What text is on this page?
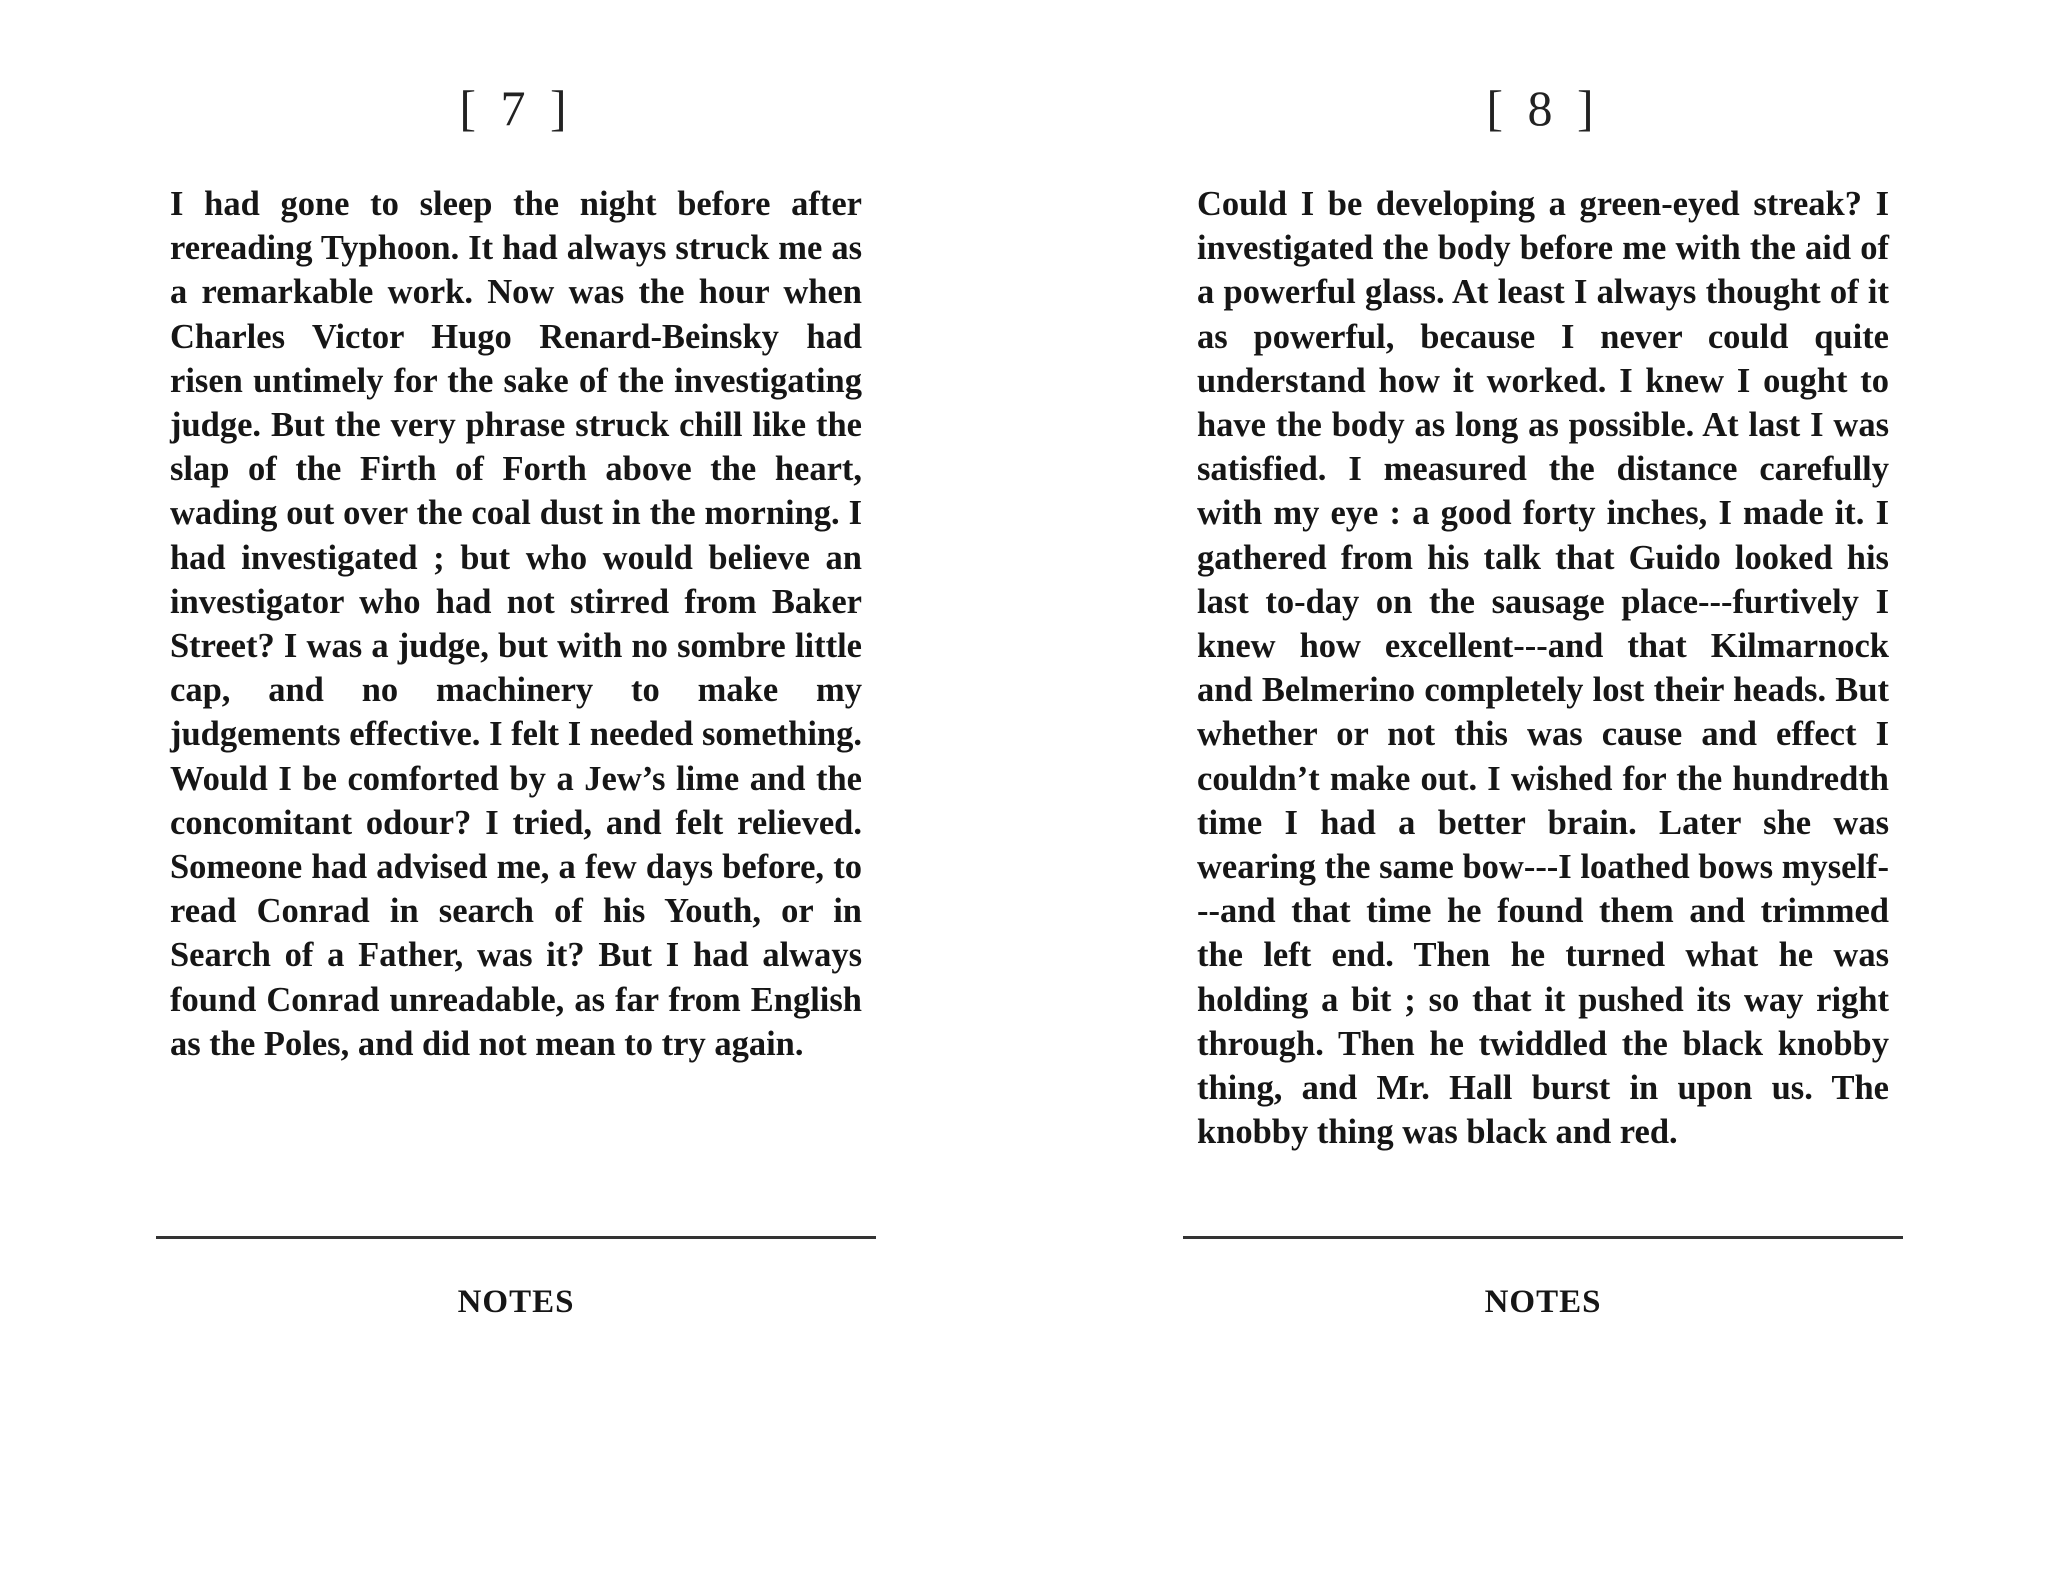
[ 7 ]

I had gone to sleep the night before after rereading Typhoon. It had always struck me as a remarkable work. Now was the hour when Charles Victor Hugo Renard-Beinsky had risen untimely for the sake of the investigating judge. But the very phrase struck chill like the slap of the Firth of Forth above the heart, wading out over the coal dust in the morning. I had investigated ; but who would believe an investigator who had not stirred from Baker Street? I was a judge, but with no sombre little cap, and no machinery to make my judgements effective. I felt I needed something. Would I be comforted by a Jew’s lime and the concomitant odour? I tried, and felt relieved. Someone had advised me, a few days before, to read Conrad in search of his Youth, or in Search of a Father, was it? But I had always found Conrad unreadable, as far from English as the Poles, and did not mean to try again.

NOTES
[ 8 ]

Could I be developing a green-eyed streak? I investigated the body before me with the aid of a powerful glass. At least I always thought of it as powerful, because I never could quite understand how it worked. I knew I ought to have the body as long as possible. At last I was satisfied. I measured the distance carefully with my eye : a good forty inches, I made it. I gathered from his talk that Guido looked his last to-day on the sausage place---furtively I knew how excellent---and that Kilmarnock and Belmerino completely lost their heads. But whether or not this was cause and effect I couldn’t make out. I wished for the hundredth time I had a better brain. Later she was wearing the same bow---I loathed bows myself---and that time he found them and trimmed the left end. Then he turned what he was holding a bit ; so that it pushed its way right through. Then he twiddled the black knobby thing, and Mr. Hall burst in upon us. The knobby thing was black and red.

NOTES
